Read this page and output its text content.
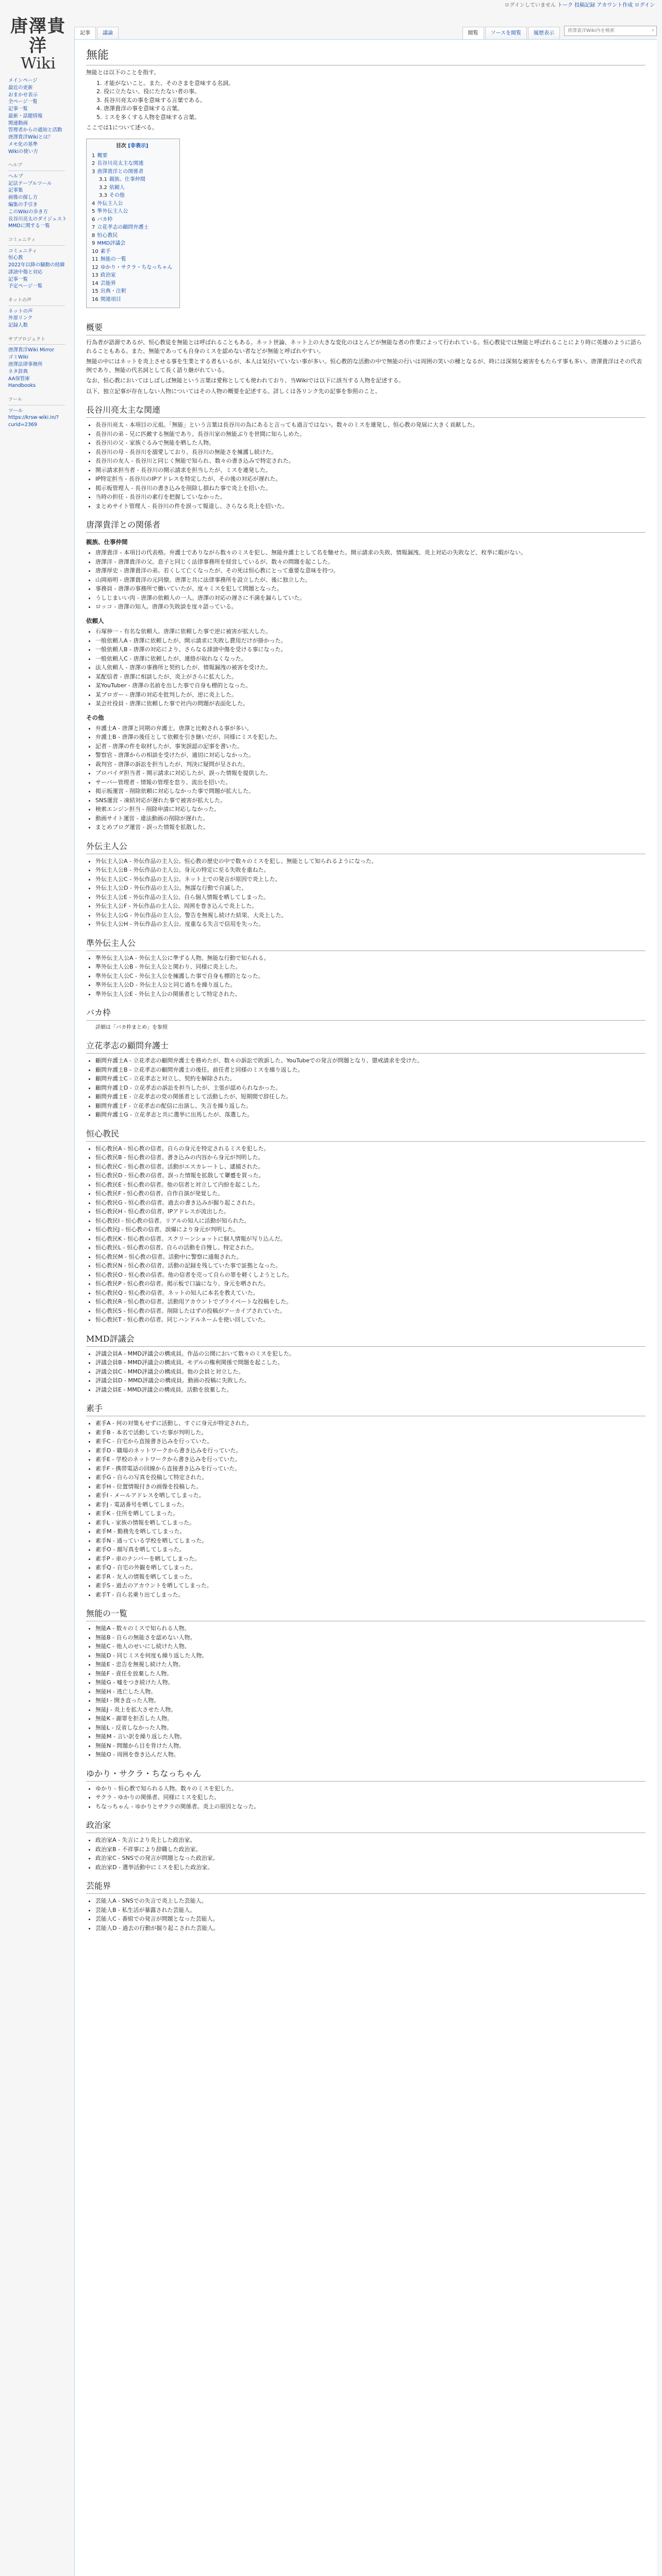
ログインしていません トーク 投稿記録 アカウント作成 ログイン
唐澤貴洋
Wiki
記事	議論	閲覧	ソースを閲覧	履歴表示
唐澤貴洋Wiki内を検索	⌕
メインページ
最近の更新
おまかせ表示
全ページ一覧
記事一覧
最新・話題情報
関連動画
管理者からの通知と活動
唐澤貴洋Wikiとは？
メモ化の基準
Wikiの使い方
ヘルプ
ヘルプ
記法テーブルツール
記事集
画像の探し方
編集の手引き
このWikiの歩き方
長谷川亮太のダイジェスト
MMDに関する一覧
コミュニティ
コミュニティ
恒心教
2022年以降の騒動の経緯
誹謗中傷と対応
記事一覧
予定ページ一覧
ネットの声
ネットの声
外部リンク
記録人数
サブプロジェクト
唐澤貴洋Wiki Mirror
ゴミWiki
唐澤法律事務所
ネタ辞典
AA保管庫
Handbooks
ツール
ツール
https://krsw-wiki.in/?curid=2369
無能

無能とは以下のことを指す。

1. 才能がないこと。また、そのさまを意味する名詞。
2. 役に立たない、役にたたない者の事。
3. 長谷川亮太の事を意味する言葉である。
4. 唐澤貴洋の事を意味する言葉。
5. ミスを多くする人物を意味する言葉。

ここでは1について述べる。

目次 [非表示]
1 概要
2 長谷川亮太主な関連
3 唐澤貴洋との関係者
3.1 親族、仕事仲間
3.2 依頼人
3.3 その他
4 外伝主人公
5 準外伝主人公
6 バカ枠
7 立花孝志の顧問弁護士
8 恒心教民
9 MMD評議会
10 素手
11 無能の一覧
12 ゆかり・サクラ・ちなっちゃん
13 政治家
14 芸能界
15 出典・注釈
16 関連項目
概要

行為者が語源であるが、恒心教徒を無能とは呼ばれることもある。ネット世論、ネット上の大きな変化のほとんどが無能な者の作業によって行われている。恒心教徒では無能と呼ばれることにより時に英雄のように語られることもある。また、無能であっても自身のミスを認めない者などが無能と呼ばれやすい。

無能の中にはネットを炎上させる事を生業とする者もいるが、本人は気付いていない事が多い。恒心教的な活動の中で無能の行いは周囲の笑いの種となるが、時には深刻な被害をもたらす事も多い。唐澤貴洋はその代表例であり、無能の代名詞として長く語り継がれている。

なお、恒心教においてはしばしば無能という言葉は愛称としても使われており、当Wikiでは以下に該当する人物を記述する。

以下、独立記事が存在しない人物についてはその人物の概要を記述する。詳しくは各リンク先の記事を参照のこと。

長谷川亮太主な関連
• 長谷川亮太 - 本項目の元祖。「無能」という言葉は長谷川の為にあると言っても過言ではない。数々のミスを連発し、恒心教の発展に大きく貢献した。
• 長谷川の弟 - 兄に匹敵する無能であり、長谷川家の無能ぶりを世間に知らしめた。
• 長谷川の父 - 家族ぐるみで無能を晒した人物。
• 長谷川の母 - 長谷川を溺愛しており、長谷川の無能さを擁護し続けた。
• 長谷川の友人 - 長谷川と同じく無能で知られ、数々の書き込みで特定された。
• 開示請求担当者 - 長谷川の開示請求を担当したが、ミスを連発した。
• IP特定担当 - 長谷川のIPアドレスを特定したが、その後の対応が遅れた。
• 掲示板管理人 - 長谷川の書き込みを削除し損ねた事で炎上を招いた。
• 当時の担任 - 長谷川の素行を把握していなかった。
• まとめサイト管理人 - 長谷川の件を誤って報道し、さらなる炎上を招いた。
唐澤貴洋との関係者
親族、仕事仲間
• 唐澤貴洋 - 本項目の代表格。弁護士でありながら数々のミスを犯し、無能弁護士として名を馳せた。開示請求の失敗、情報漏洩、炎上対応の失敗など、枚挙に暇がない。
• 唐澤洋 - 唐澤貴洋の父。息子と同じく法律事務所を経営しているが、数々の問題を起こした。
• 唐澤厚史 - 唐澤貴洋の弟。若くして亡くなったが、その死は恒心教にとって重要な意味を持つ。
• 山岡裕明 - 唐澤貴洋の元同僚。唐澤と共に法律事務所を設立したが、後に独立した。
• 事務員 - 唐澤の事務所で働いていたが、度々ミスを犯して問題となった。
• うしじまいい肉 - 唐澤の依頼人の一人。唐澤の対応の遅さに不満を漏らしていた。
• ロッコ - 唐澤の知人。唐澤の失敗談を度々語っている。
依頼人
• 石塚伸一 - 有名な依頼人。唐澤に依頼した事で逆に被害が拡大した。
• 一般依頼人A - 唐澤に依頼したが、開示請求に失敗し費用だけが掛かった。
• 一般依頼人B - 唐澤の対応により、さらなる誹謗中傷を受ける事になった。
• 一般依頼人C - 唐澤に依頼したが、連絡が取れなくなった。
• 法人依頼人 - 唐澤の事務所と契約したが、情報漏洩の被害を受けた。
• 某配信者 - 唐澤に相談したが、炎上がさらに拡大した。
• 某YouTuber - 唐澤の名前を出した事で自身も標的となった。
• 某ブロガー - 唐澤の対応を批判したが、逆に炎上した。
• 某会社役員 - 唐澤に依頼した事で社内の問題が表面化した。
その他
• 弁護士A - 唐澤と同期の弁護士。唐澤と比較される事が多い。
• 弁護士B - 唐澤の後任として依頼を引き継いだが、同様にミスを犯した。
• 記者 - 唐澤の件を取材したが、事実誤認の記事を書いた。
• 警察官 - 唐澤からの相談を受けたが、適切に対応しなかった。
• 裁判官 - 唐澤の訴訟を担当したが、判決に疑問が呈された。
• プロバイダ担当者 - 開示請求に対応したが、誤った情報を提供した。
• サーバー管理者 - 情報の管理を怠り、流出を招いた。
• 掲示板運営 - 削除依頼に対応しなかった事で問題が拡大した。
• SNS運営 - 凍結対応が遅れた事で被害が拡大した。
• 検索エンジン担当 - 削除申請に対応しなかった。
• 動画サイト運営 - 違法動画の削除が遅れた。
• まとめブログ運営 - 誤った情報を拡散した。
外伝主人公
• 外伝主人公A - 外伝作品の主人公。恒心教の歴史の中で数々のミスを犯し、無能として知られるようになった。
• 外伝主人公B - 外伝作品の主人公。身元の特定に至る失敗を重ねた。
• 外伝主人公C - 外伝作品の主人公。ネット上での発言が原因で炎上した。
• 外伝主人公D - 外伝作品の主人公。無謀な行動で自滅した。
• 外伝主人公E - 外伝作品の主人公。自ら個人情報を晒してしまった。
• 外伝主人公F - 外伝作品の主人公。周囲を巻き込んで炎上した。
• 外伝主人公G - 外伝作品の主人公。警告を無視し続けた結果、大炎上した。
• 外伝主人公H - 外伝作品の主人公。度重なる失言で信用を失った。
準外伝主人公
• 準外伝主人公A - 外伝主人公に準ずる人物。無能な行動で知られる。
• 準外伝主人公B - 外伝主人公と関わり、同様に炎上した。
• 準外伝主人公C - 外伝主人公を擁護した事で自身も標的となった。
• 準外伝主人公D - 外伝主人公と同じ過ちを繰り返した。
• 準外伝主人公E - 外伝主人公の関係者として特定された。
バカ枠
詳細は「バカ枠まとめ」を参照
立花孝志の顧問弁護士
• 顧問弁護士A - 立花孝志の顧問弁護士を務めたが、数々の訴訟で敗訴した。YouTubeでの発言が問題となり、懲戒請求を受けた。
• 顧問弁護士B - 立花孝志の顧問弁護士の後任。前任者と同様のミスを繰り返した。
• 顧問弁護士C - 立花孝志と対立し、契約を解除された。
• 顧問弁護士D - 立花孝志の訴訟を担当したが、主張が認められなかった。
• 顧問弁護士E - 立花孝志の党の関係者として活動したが、短期間で辞任した。
• 顧問弁護士F - 立花孝志の配信に出演し、失言を繰り返した。
• 顧問弁護士G - 立花孝志と共に選挙に出馬したが、落選した。
恒心教民
• 恒心教民A - 恒心教の信者。自らの身元を特定されるミスを犯した。
• 恒心教民B - 恒心教の信者。書き込みの内容から身元が判明した。
• 恒心教民C - 恒心教の信者。活動がエスカレートし、逮捕された。
• 恒心教民D - 恒心教の信者。誤った情報を拡散して顰蹙を買った。
• 恒心教民E - 恒心教の信者。他の信者と対立して内紛を起こした。
• 恒心教民F - 恒心教の信者。自作自演が発覚した。
• 恒心教民G - 恒心教の信者。過去の書き込みが掘り起こされた。
• 恒心教民H - 恒心教の信者。IPアドレスが流出した。
• 恒心教民I - 恒心教の信者。リアルの知人に活動が知られた。
• 恒心教民J - 恒心教の信者。誤爆により身元が判明した。
• 恒心教民K - 恒心教の信者。スクリーンショットに個人情報が写り込んだ。
• 恒心教民L - 恒心教の信者。自らの活動を自慢し、特定された。
• 恒心教民M - 恒心教の信者。活動中に警察に通報された。
• 恒心教民N - 恒心教の信者。活動の記録を残していた事で証拠となった。
• 恒心教民O - 恒心教の信者。他の信者を売って自らの罪を軽くしようとした。
• 恒心教民P - 恒心教の信者。掲示板で口論になり、身元を晒された。
• 恒心教民Q - 恒心教の信者。ネットの知人に本名を教えていた。
• 恒心教民R - 恒心教の信者。活動用アカウントでプライベートな投稿をした。
• 恒心教民S - 恒心教の信者。削除したはずの投稿がアーカイブされていた。
• 恒心教民T - 恒心教の信者。同じハンドルネームを使い回していた。
MMD評議会
• 評議会員A - MMD評議会の構成員。作品の公開において数々のミスを犯した。
• 評議会員B - MMD評議会の構成員。モデルの権利関係で問題を起こした。
• 評議会員C - MMD評議会の構成員。他の会員と対立した。
• 評議会員D - MMD評議会の構成員。動画の投稿に失敗した。
• 評議会員E - MMD評議会の構成員。活動を放棄した。
素手
• 素手A - 何の対策もせずに活動し、すぐに身元が特定された。
• 素手B - 本名で活動していた事が判明した。
• 素手C - 自宅から直接書き込みを行っていた。
• 素手D - 職場のネットワークから書き込みを行っていた。
• 素手E - 学校のネットワークから書き込みを行っていた。
• 素手F - 携帯電話の回線から直接書き込みを行っていた。
• 素手G - 自らの写真を投稿して特定された。
• 素手H - 位置情報付きの画像を投稿した。
• 素手I - メールアドレスを晒してしまった。
• 素手J - 電話番号を晒してしまった。
• 素手K - 住所を晒してしまった。
• 素手L - 家族の情報を晒してしまった。
• 素手M - 勤務先を晒してしまった。
• 素手N - 通っている学校を晒してしまった。
• 素手O - 顔写真を晒してしまった。
• 素手P - 車のナンバーを晒してしまった。
• 素手Q - 自宅の外観を晒してしまった。
• 素手R - 友人の情報を晒してしまった。
• 素手S - 過去のアカウントを晒してしまった。
• 素手T - 自ら名乗り出てしまった。
無能の一覧
• 無能A - 数々のミスで知られる人物。
• 無能B - 自らの無能さを認めない人物。
• 無能C - 他人のせいにし続けた人物。
• 無能D - 同じミスを何度も繰り返した人物。
• 無能E - 忠告を無視し続けた人物。
• 無能F - 責任を放棄した人物。
• 無能G - 嘘をつき続けた人物。
• 無能H - 逃亡した人物。
• 無能I - 開き直った人物。
• 無能J - 炎上を拡大させた人物。
• 無能K - 謝罪を拒否した人物。
• 無能L - 反省しなかった人物。
• 無能M - 言い訳を繰り返した人物。
• 無能N - 問題から目を背けた人物。
• 無能O - 周囲を巻き込んだ人物。
ゆかり・サクラ・ちなっちゃん
• ゆかり - 恒心教で知られる人物。数々のミスを犯した。
• サクラ - ゆかりの関係者。同様にミスを犯した。
• ちなっちゃん - ゆかりとサクラの関係者。炎上の原因となった。
政治家
• 政治家A - 失言により炎上した政治家。
• 政治家B - 不祥事により辞職した政治家。
• 政治家C - SNSでの発言が問題となった政治家。
• 政治家D - 選挙活動中にミスを犯した政治家。
芸能界
• 芸能人A - SNSでの失言で炎上した芸能人。
• 芸能人B - 私生活が暴露された芸能人。
• 芸能人C - 番組での発言が問題となった芸能人。
• 芸能人D - 過去の行動が掘り起こされた芸能人。
